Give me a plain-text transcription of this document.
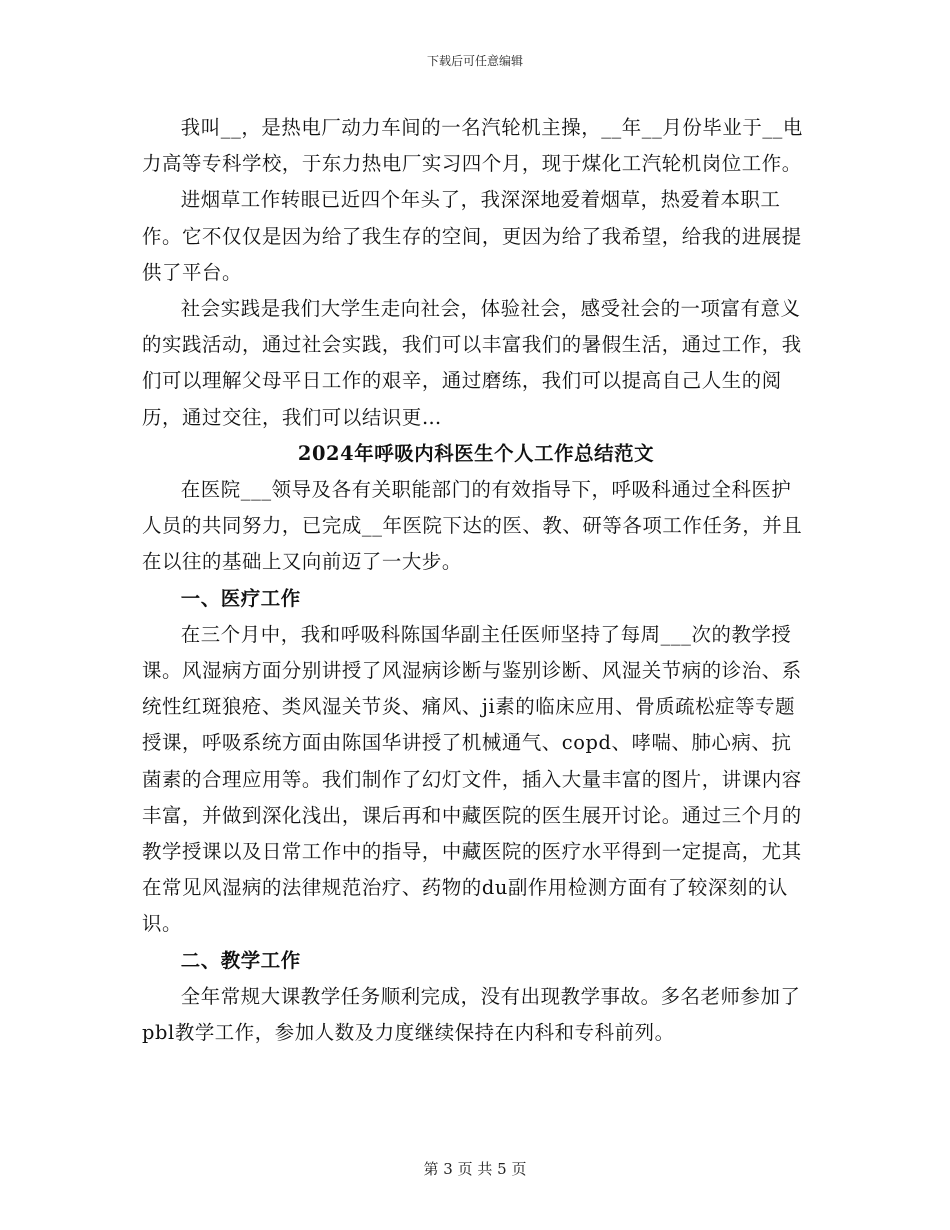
下载后可任意编辑

我叫__，是热电厂动力车间的一名汽轮机主操，__年__月份毕业于__电力高等专科学校，于东力热电厂实习四个月，现于煤化工汽轮机岗位工作。

进烟草工作转眼已近四个年头了，我深深地爱着烟草，热爱着本职工作。它不仅仅是因为给了我生存的空间，更因为给了我希望，给我的进展提供了平台。

社会实践是我们大学生走向社会，体验社会，感受社会的一项富有意义的实践活动，通过社会实践，我们可以丰富我们的暑假生活，通过工作，我们可以理解父母平日工作的艰辛，通过磨练，我们可以提高自己人生的阅历，通过交往，我们可以结识更…

2024年呼吸内科医生个人工作总结范文

在医院___领导及各有关职能部门的有效指导下，呼吸科通过全科医护人员的共同努力，已完成__年医院下达的医、教、研等各项工作任务，并且在以往的基础上又向前迈了一大步。

一、医疗工作

在三个月中，我和呼吸科陈国华副主任医师坚持了每周___次的教学授课。风湿病方面分别讲授了风湿病诊断与鉴别诊断、风湿关节病的诊治、系统性红斑狼疮、类风湿关节炎、痛风、ji素的临床应用、骨质疏松症等专题授课，呼吸系统方面由陈国华讲授了机械通气、copd、哮喘、肺心病、抗菌素的合理应用等。我们制作了幻灯文件，插入大量丰富的图片，讲课内容丰富，并做到深化浅出，课后再和中藏医院的医生展开讨论。通过三个月的教学授课以及日常工作中的指导，中藏医院的医疗水平得到一定提高，尤其在常见风湿病的法律规范治疗、药物的du副作用检测方面有了较深刻的认识。

二、教学工作

全年常规大课教学任务顺利完成，没有出现教学事故。多名老师参加了pbl教学工作，参加人数及力度继续保持在内科和专科前列。

第 3 页 共 5 页
